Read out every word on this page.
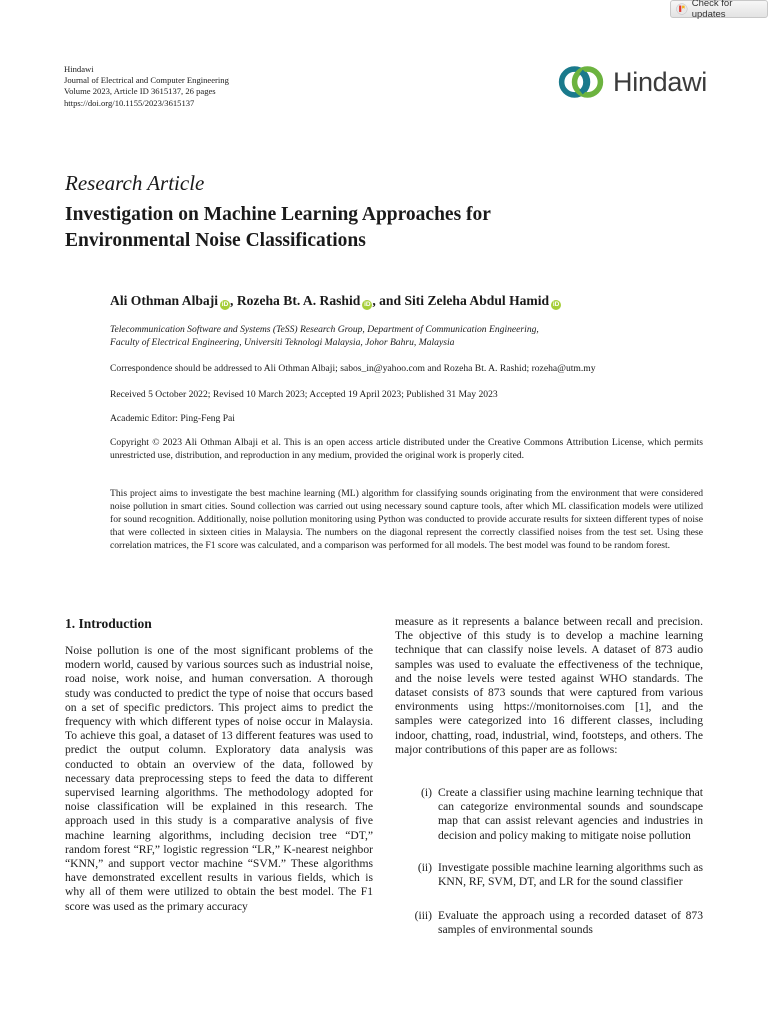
Check for updates
Hindawi
Journal of Electrical and Computer Engineering
Volume 2023, Article ID 3615137, 26 pages
https://doi.org/10.1155/2023/3615137
Hindawi
Research Article
Investigation on Machine Learning Approaches for
Environmental Noise Classifications
Ali Othman Albaji iD , Rozeha Bt. A. Rashid iD , and Siti Zeleha Abdul Hamid iD
Telecommunication Software and Systems (TeSS) Research Group, Department of Communication Engineering,
Faculty of Electrical Engineering, Universiti Teknologi Malaysia, Johor Bahru, Malaysia
Correspondence should be addressed to Ali Othman Albaji; sabos_in@yahoo.com and Rozeha Bt. A. Rashid; rozeha@utm.my
Received 5 October 2022; Revised 10 March 2023; Accepted 19 April 2023; Published 31 May 2023
Academic Editor: Ping-Feng Pai
Copyright © 2023 Ali Othman Albaji et al. This is an open access article distributed under the Creative Commons Attribution License, which permits unrestricted use, distribution, and reproduction in any medium, provided the original work is properly cited.
This project aims to investigate the best machine learning (ML) algorithm for classifying sounds originating from the environment that were considered noise pollution in smart cities. Sound collection was carried out using necessary sound capture tools, after which ML classification models were utilized for sound recognition. Additionally, noise pollution monitoring using Python was conducted to provide accurate results for sixteen different types of noise that were collected in sixteen cities in Malaysia. The numbers on the diagonal represent the correctly classified noises from the test set. Using these correlation matrices, the F1 score was calculated, and a comparison was performed for all models. The best model was found to be random forest.
1. Introduction
Noise pollution is one of the most significant problems of the modern world, caused by various sources such as industrial noise, road noise, work noise, and human conversation. A thorough study was conducted to predict the type of noise that occurs based on a set of specific predictors. This project aims to predict the frequency with which different types of noise occur in Malaysia. To achieve this goal, a dataset of 13 different features was used to predict the output column. Exploratory data analysis was conducted to obtain an overview of the data, followed by necessary data preprocessing steps to feed the data to different supervised learning algorithms. The methodology adopted for noise classification will be explained in this research. The approach used in this study is a comparative analysis of five machine learning algorithms, including decision tree “DT,” random forest “RF,” logistic regression “LR,” K-nearest neighbor “KNN,” and support vector machine “SVM.” These algorithms have demonstrated excellent results in various fields, which is why all of them were utilized to obtain the best model. The F1 score was used as the primary accuracy
measure as it represents a balance between recall and precision. The objective of this study is to develop a machine learning technique that can classify noise levels. A dataset of 873 audio samples was used to evaluate the effectiveness of the technique, and the noise levels were tested against WHO standards. The dataset consists of 873 sounds that were captured from various environments using https://monitornoises.com [1], and the samples were categorized into 16 different classes, including indoor, chatting, road, industrial, wind, footsteps, and others. The major contributions of this paper are as follows:
(i) Create a classifier using machine learning technique that can categorize environmental sounds and soundscape map that can assist relevant agencies and industries in decision and policy making to mitigate noise pollution
(ii) Investigate possible machine learning algorithms such as KNN, RF, SVM, DT, and LR for the sound classifier
(iii) Evaluate the approach using a recorded dataset of 873 samples of environmental sounds
